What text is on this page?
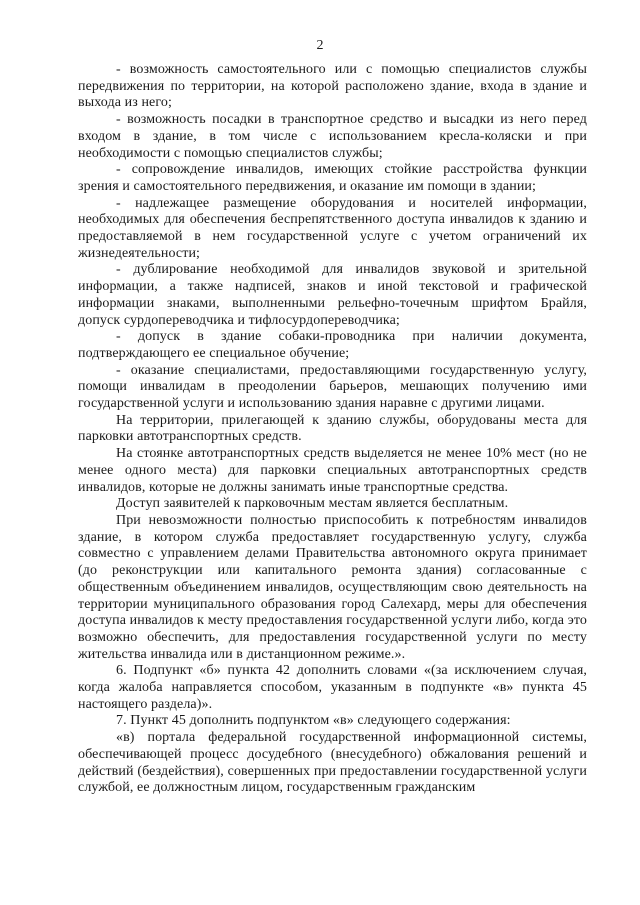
2

- возможность самостоятельного или с помощью специалистов службы передвижения по территории, на которой расположено здание, входа в здание и выхода из него;

- возможность посадки в транспортное средство и высадки из него перед входом в здание, в том числе с использованием кресла-коляски и при необходимости с помощью специалистов службы;

- сопровождение инвалидов, имеющих стойкие расстройства функции зрения и самостоятельного передвижения, и оказание им помощи в здании;

- надлежащее размещение оборудования и носителей информации, необходимых для обеспечения беспрепятственного доступа инвалидов к зданию и предоставляемой в нем государственной услуге с учетом ограничений их жизнедеятельности;

- дублирование необходимой для инвалидов звуковой и зрительной информации, а также надписей, знаков и иной текстовой и графической информации знаками, выполненными рельефно-точечным шрифтом Брайля, допуск сурдопереводчика и тифлосурдопереводчика;

- допуск в здание собаки-проводника при наличии документа, подтверждающего ее специальное обучение;

- оказание специалистами, предоставляющими государственную услугу, помощи инвалидам в преодолении барьеров, мешающих получению ими государственной услуги и использованию здания наравне с другими лицами.

На территории, прилегающей к зданию службы, оборудованы места для парковки автотранспортных средств.

На стоянке автотранспортных средств выделяется не менее 10% мест (но не менее одного места) для парковки специальных автотранспортных средств инвалидов, которые не должны занимать иные транспортные средства.

Доступ заявителей к парковочным местам является бесплатным.

При невозможности полностью приспособить к потребностям инвалидов здание, в котором служба предоставляет государственную услугу, служба совместно с управлением делами Правительства автономного округа принимает (до реконструкции или капитального ремонта здания) согласованные с общественным объединением инвалидов, осуществляющим свою деятельность на территории муниципального образования город Салехард, меры для обеспечения доступа инвалидов к месту предоставления государственной услуги либо, когда это возможно обеспечить, для предоставления государственной услуги по месту жительства инвалида или в дистанционном режиме.».

6. Подпункт «б» пункта 42 дополнить словами «(за исключением случая, когда жалоба направляется способом, указанным в подпункте «в» пункта 45 настоящего раздела)».

7. Пункт 45 дополнить подпунктом «в» следующего содержания:

«в) портала федеральной государственной информационной системы, обеспечивающей процесс досудебного (внесудебного) обжалования решений и действий (бездействия), совершенных при предоставлении государственной услуги службой, ее должностным лицом, государственным гражданским
